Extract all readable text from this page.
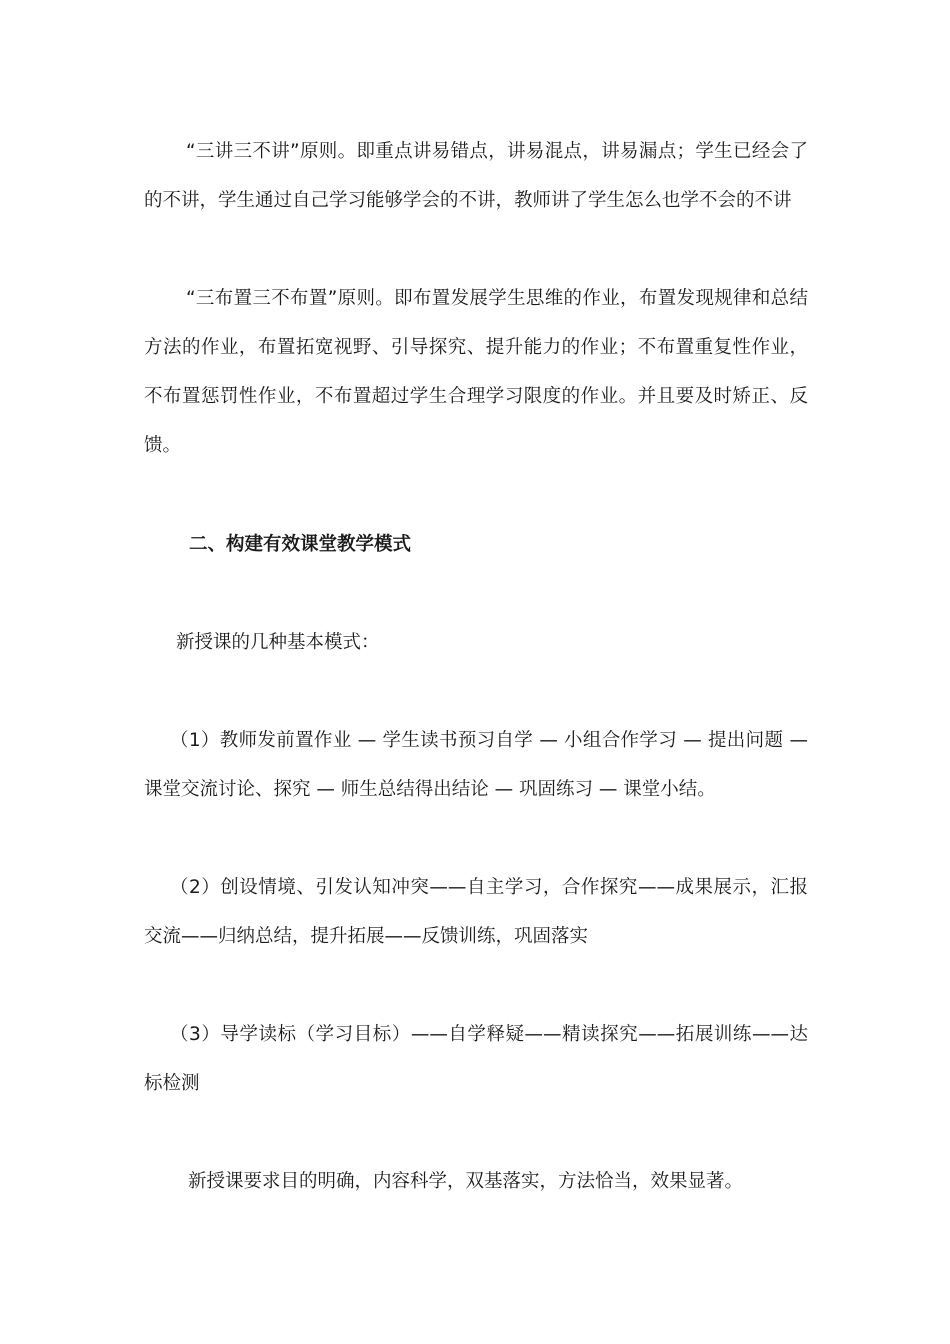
“三讲三不讲”原则。即重点讲易错点，讲易混点，讲易漏点；学生已经会了的不讲，学生通过自己学习能够学会的不讲，教师讲了学生怎么也学不会的不讲

“三布置三不布置”原则。即布置发展学生思维的作业，布置发现规律和总结方法的作业，布置拓宽视野、引导探究、提升能力的作业；不布置重复性作业，不布置惩罚性作业，不布置超过学生合理学习限度的作业。并且要及时矫正、反馈。

二、构建有效课堂教学模式
新授课的几种基本模式：

（1）教师发前置作业 — 学生读书预习自学 — 小组合作学习 — 提出问题 — 课堂交流讨论、探究 — 师生总结得出结论 — 巩固练习 — 课堂小结。

（2）创设情境、引发认知冲突——自主学习，合作探究——成果展示，汇报交流——归纳总结，提升拓展——反馈训练，巩固落实

（3）导学读标（学习目标）——自学释疑——精读探究——拓展训练——达标检测

新授课要求目的明确，内容科学，双基落实，方法恰当，效果显著。
